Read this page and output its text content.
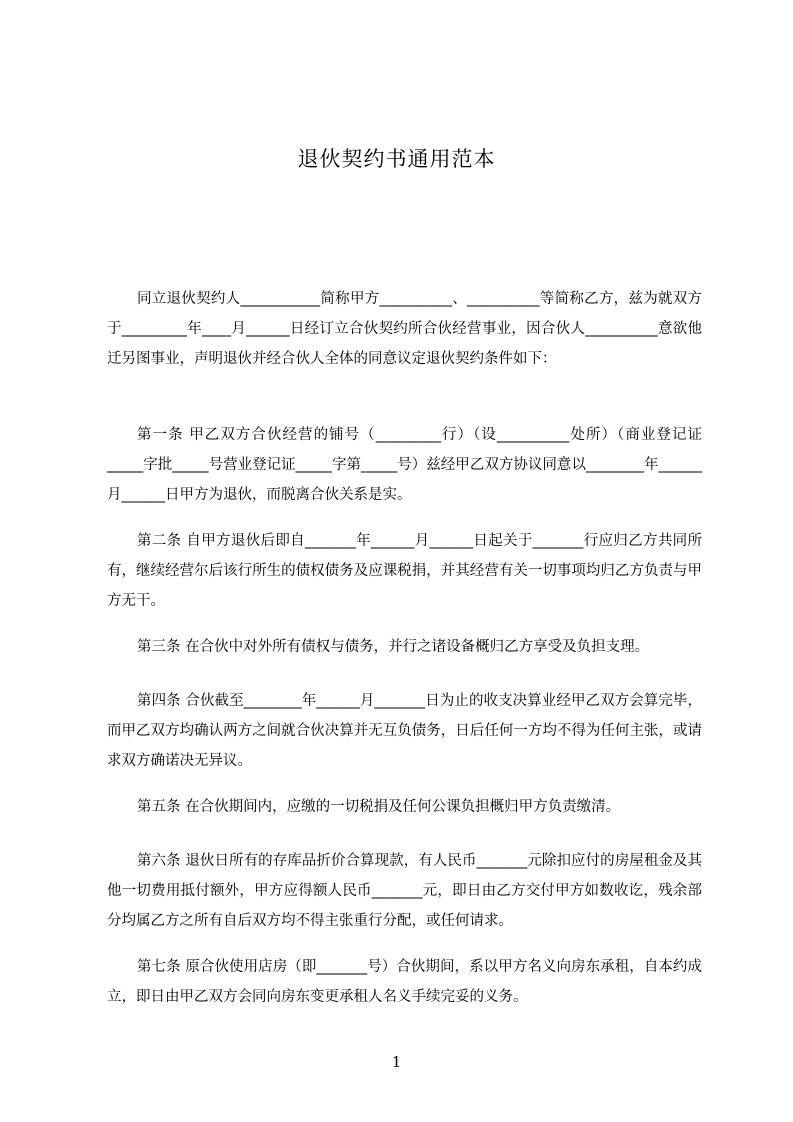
退伙契约书通用范本

同立退伙契约人___________简称甲方__________、__________等简称乙方，兹为就双方于_________年____月______日经订立合伙契约所合伙经营事业，因合伙人__________意欲他迁另图事业，声明退伙并经合伙人全体的同意议定退伙契约条件如下：

第一条 甲乙双方合伙经营的铺号（_________行）（设__________处所）（商业登记证_____字批_____号营业登记证_____字第_____号）兹经甲乙双方协议同意以________年______月______日甲方为退伙，而脱离合伙关系是实。

第二条 自甲方退伙后即自_______年______月______日起关于_______行应归乙方共同所有，继续经营尔后该行所生的债权债务及应课税捐，并其经营有关一切事项均归乙方负责与甲方无干。

第三条 在合伙中对外所有债权与债务，并行之诸设备概归乙方享受及负担支理。

第四条 合伙截至________年______月_______日为止的收支决算业经甲乙双方会算完毕，而甲乙双方均确认两方之间就合伙决算并无互负债务，日后任何一方均不得为任何主张，或请求双方确诺决无异议。

第五条 在合伙期间内，应缴的一切税捐及任何公课负担概归甲方负责缴清。

第六条 退伙日所有的存库品折价合算现款，有人民币_______元除扣应付的房屋租金及其他一切费用抵付额外，甲方应得额人民币_______元，即日由乙方交付甲方如数收讫，残余部分均属乙方之所有自后双方均不得主张重行分配，或任何请求。

第七条 原合伙使用店房（即_______号）合伙期间，系以甲方名义向房东承租，自本约成立，即日由甲乙双方会同向房东变更承租人名义手续完妥的义务。

1
